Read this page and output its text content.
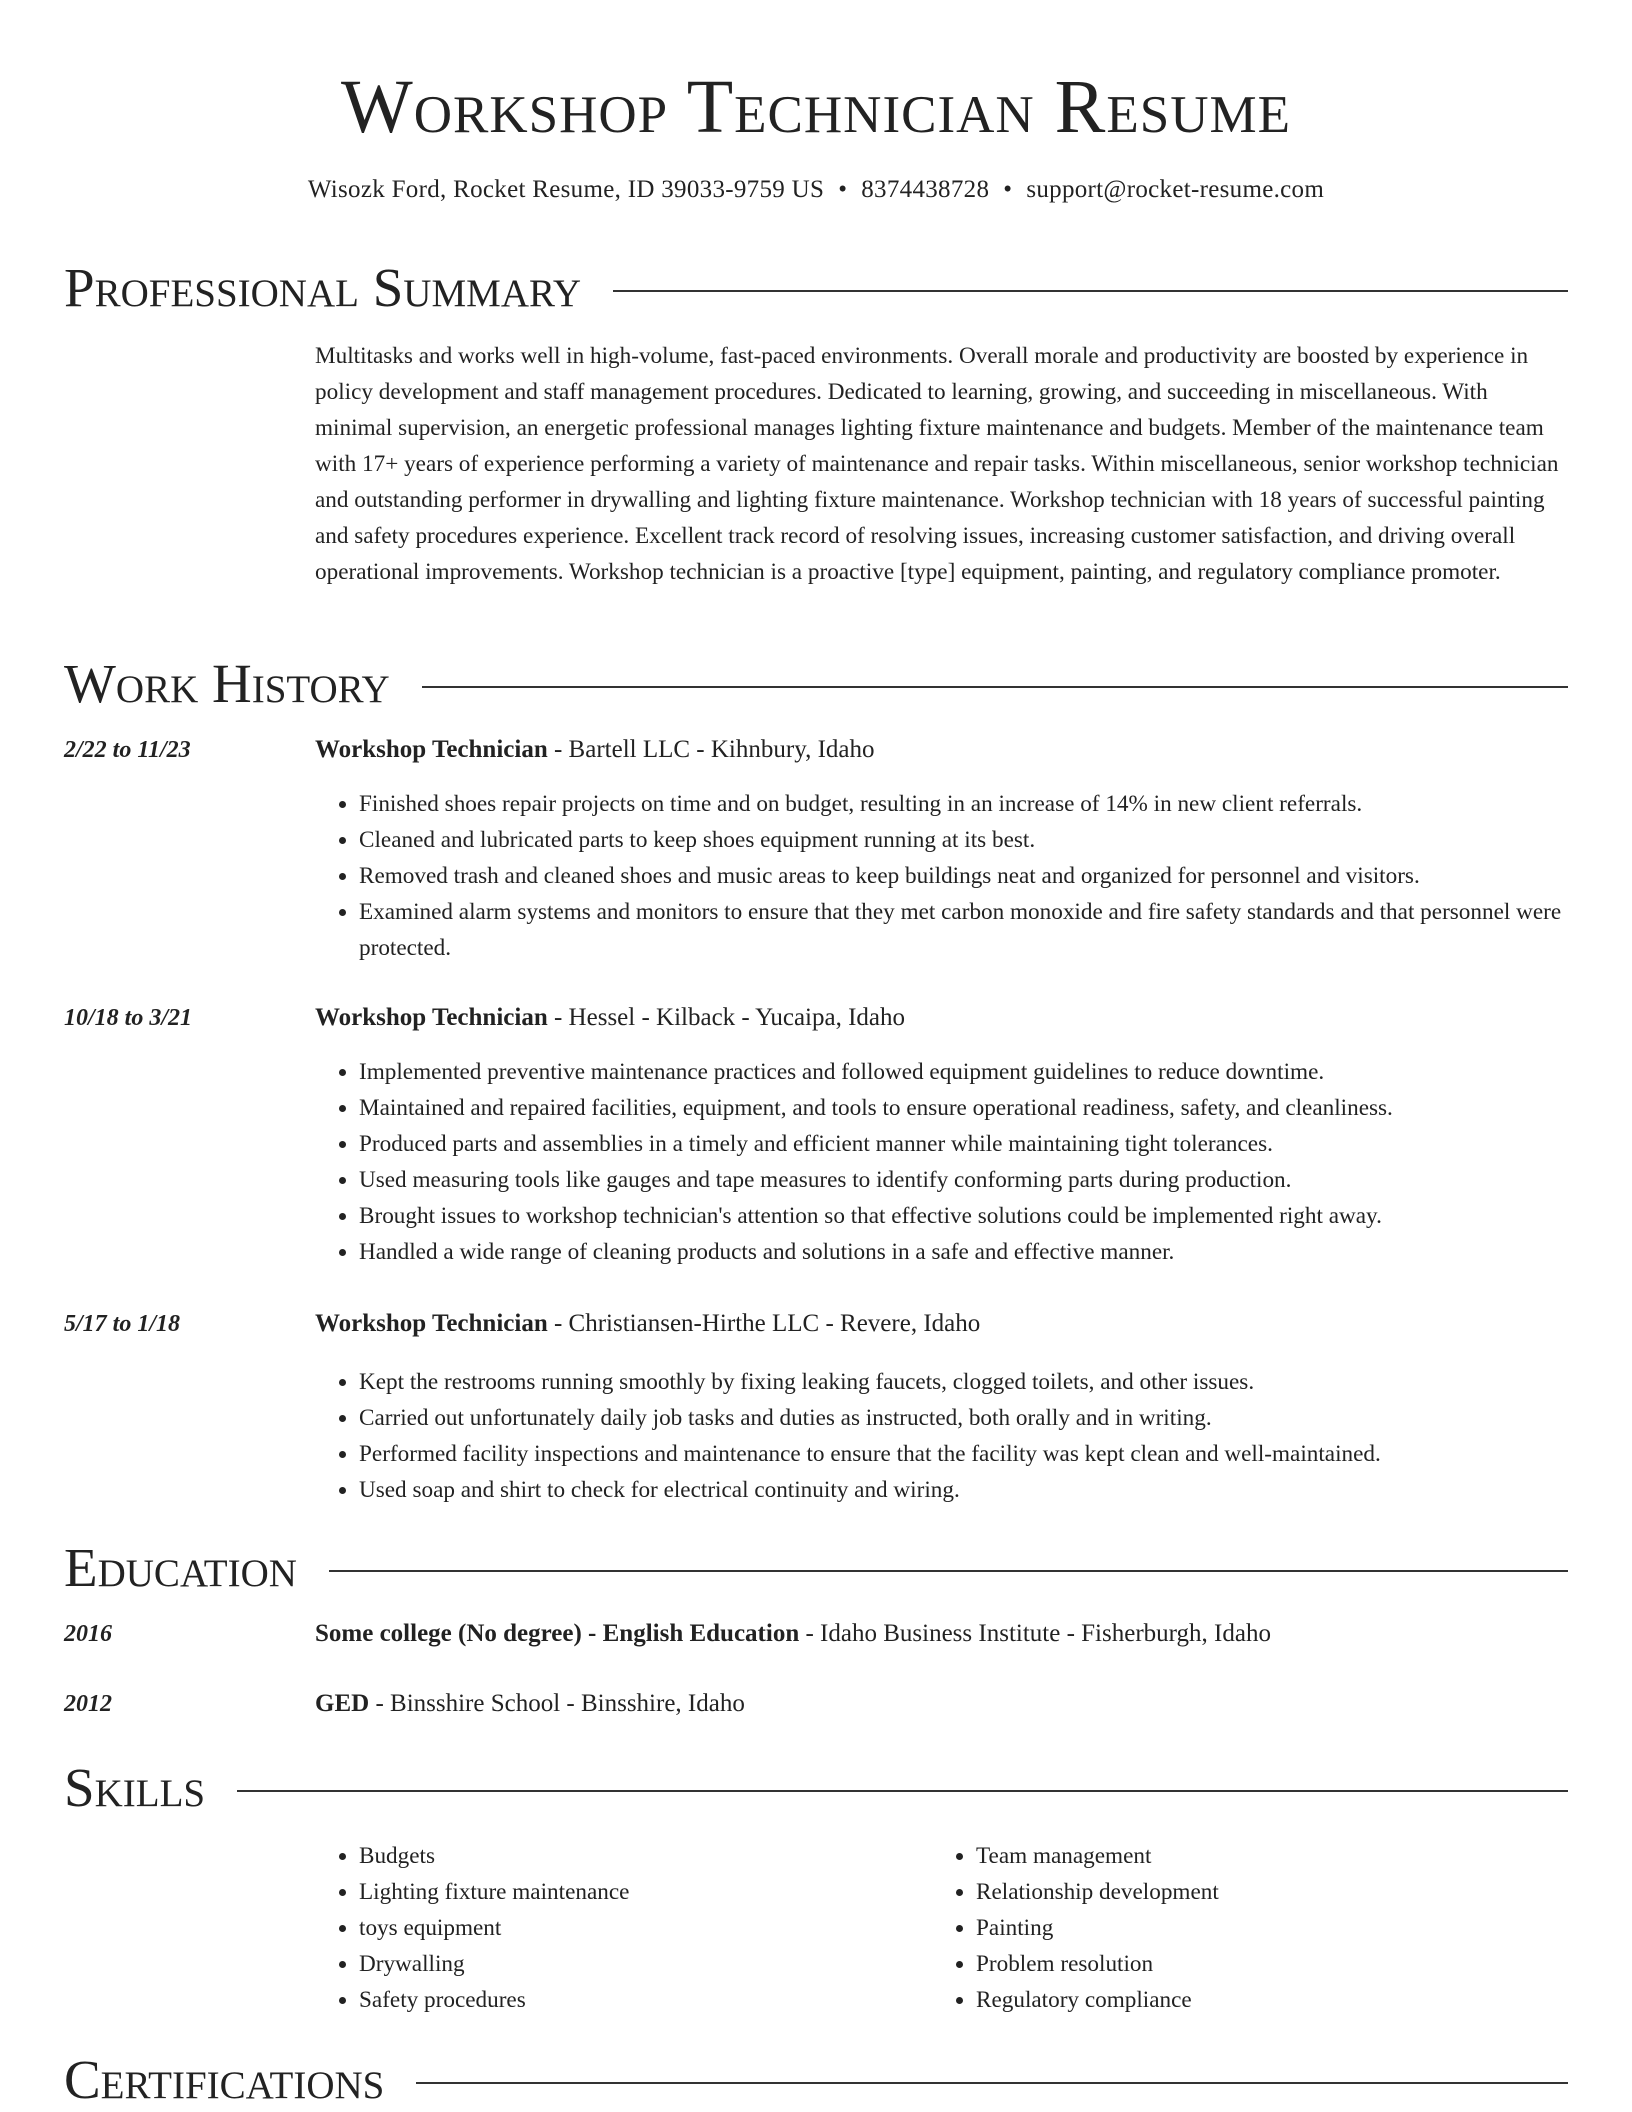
Workshop Technician Resume
Wisozk Ford, Rocket Resume, ID 39033-9759 US • 8374438728 • support@rocket-resume.com
Professional Summary

Multitasks and works well in high-volume, fast-paced environments. Overall morale and productivity are boosted by experience in policy development and staff management procedures. Dedicated to learning, growing, and succeeding in miscellaneous. With minimal supervision, an energetic professional manages lighting fixture maintenance and budgets. Member of the maintenance team with 17+ years of experience performing a variety of maintenance and repair tasks. Within miscellaneous, senior workshop technician and outstanding performer in drywalling and lighting fixture maintenance. Workshop technician with 18 years of successful painting and safety procedures experience. Excellent track record of resolving issues, increasing customer satisfaction, and driving overall operational improvements. Workshop technician is a proactive [type] equipment, painting, and regulatory compliance promoter.

Work History
2/22 to 11/23	Workshop Technician - Bartell LLC - Kihnbury, Idaho
• Finished shoes repair projects on time and on budget, resulting in an increase of 14% in new client referrals.
• Cleaned and lubricated parts to keep shoes equipment running at its best.
• Removed trash and cleaned shoes and music areas to keep buildings neat and organized for personnel and visitors.
• Examined alarm systems and monitors to ensure that they met carbon monoxide and fire safety standards and that personnel were protected.
10/18 to 3/21	Workshop Technician - Hessel - Kilback - Yucaipa, Idaho
• Implemented preventive maintenance practices and followed equipment guidelines to reduce downtime.
• Maintained and repaired facilities, equipment, and tools to ensure operational readiness, safety, and cleanliness.
• Produced parts and assemblies in a timely and efficient manner while maintaining tight tolerances.
• Used measuring tools like gauges and tape measures to identify conforming parts during production.
• Brought issues to workshop technician's attention so that effective solutions could be implemented right away.
• Handled a wide range of cleaning products and solutions in a safe and effective manner.
5/17 to 1/18	Workshop Technician - Christiansen-Hirthe LLC - Revere, Idaho
• Kept the restrooms running smoothly by fixing leaking faucets, clogged toilets, and other issues.
• Carried out unfortunately daily job tasks and duties as instructed, both orally and in writing.
• Performed facility inspections and maintenance to ensure that the facility was kept clean and well-maintained.
• Used soap and shirt to check for electrical continuity and wiring.
Education
2016	Some college (No degree) - English Education - Idaho Business Institute - Fisherburgh, Idaho
2012	GED - Binsshire School - Binsshire, Idaho
Skills
• Budgets
• Lighting fixture maintenance
• toys equipment
• Drywalling
• Safety procedures
• Team management
• Relationship development
• Painting
• Problem resolution
• Regulatory compliance
Certifications
